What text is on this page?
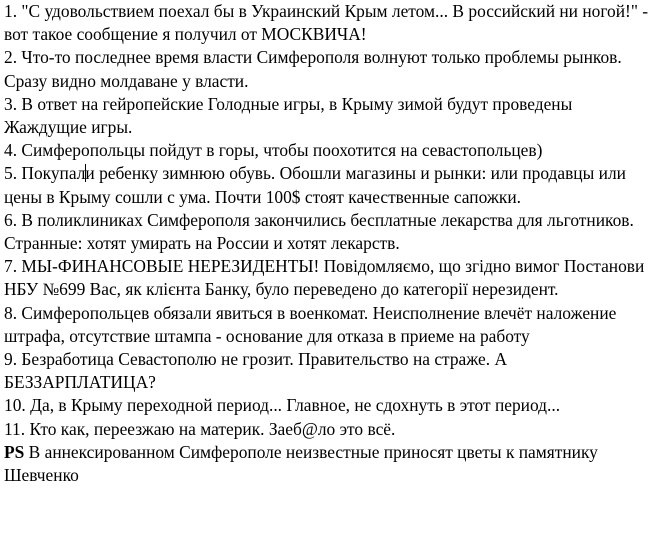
1. "С удовольствием поехал бы в Украинский Крым летом... В российский ни ногой!" - вот такое сообщение я получил от МОСКВИЧА!

2. Что-то последнее время власти Симферополя волнуют только проблемы рынков. Сразу видно молдаване у власти.

3. В ответ на гейропейские Голодные игры, в Крыму зимой будут проведены Жаждущие игры.

4. Симферопольцы пойдут в горы, чтобы поохотится на севастопольцев)

5. Покупали ребенку зимнюю обувь. Обошли магазины и рынки: или продавцы или цены в Крыму сошли с ума. Почти 100$ стоят качественные сапожки.

6. В поликлиниках Симферополя закончились бесплатные лекарства для льготников. Странные: хотят умирать на России и хотят лекарств.

7. МЫ-ФИНАНСОВЫЕ НЕРЕЗИДЕНТЫ! Повідомляємо, що згідно вимог Постанови НБУ №699 Вас, як клієнта Банку, було переведено до категорії нерезидент.

8. Симферопольцев обязали явиться в военкомат. Неисполнение влечёт наложение штрафа, отсутствие штампа - основание для отказа в приеме на работу

9. Безработица Севастополю не грозит. Правительство на страже. А БЕЗЗАРПЛАТИЦА?

10. Да, в Крыму переходной период... Главное, не сдохнуть в этот период...

11. Кто как, переезжаю на материк. Заеб@ло это всё.

PS В аннексированном Симферополе неизвестные приносят цветы к памятнику Шевченко
